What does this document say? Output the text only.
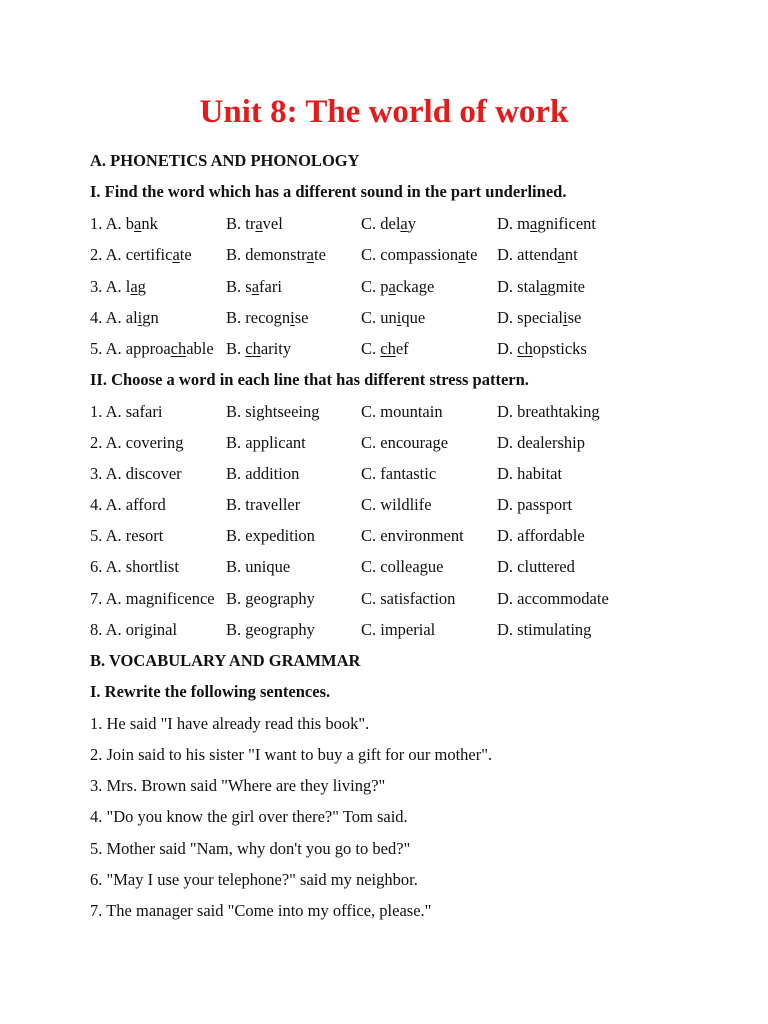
Unit 8: The world of work
A. PHONETICS AND PHONOLOGY
I. Find the word which has a different sound in the part underlined.
1. A. bank	B. travel	C. delay	D. magnificent
2. A. certificate B. demonstrate C. compassionate D. attendant
3. A. lag	B. safari	C. package	D. stalagmite
4. A. align	B. recognise	C. unique	D. specialise
5. A. approachable B. charity	C. chef	D. chopsticks
II. Choose a word in each line that has different stress pattern.
1. A. safari	B. sightseeing	C. mountain	D. breathtaking
2. A. covering	B. applicant	C. encourage	D. dealership
3. A. discover	B. addition	C. fantastic	D. habitat
4. A. afford	B. traveller	C. wildlife	D. passport
5. A. resort	B. expedition	C. environment D. affordable
6. A. shortlist	B. unique	C. colleague	D. cluttered
7. A. magnificence B. geography	C. satisfaction	D. accommodate
8. A. original	B. geography	C. imperial	D. stimulating
B. VOCABULARY AND GRAMMAR
I. Rewrite the following sentences.
1. He said "I have already read this book".
2. Join said to his sister "I want to buy a gift for our mother".
3. Mrs. Brown said "Where are they living?"
4. "Do you know the girl over there?" Tom said.
5. Mother said "Nam, why don't you go to bed?"
6. "May I use your telephone?" said my neighbor.
7. The manager said "Come into my office, please."
